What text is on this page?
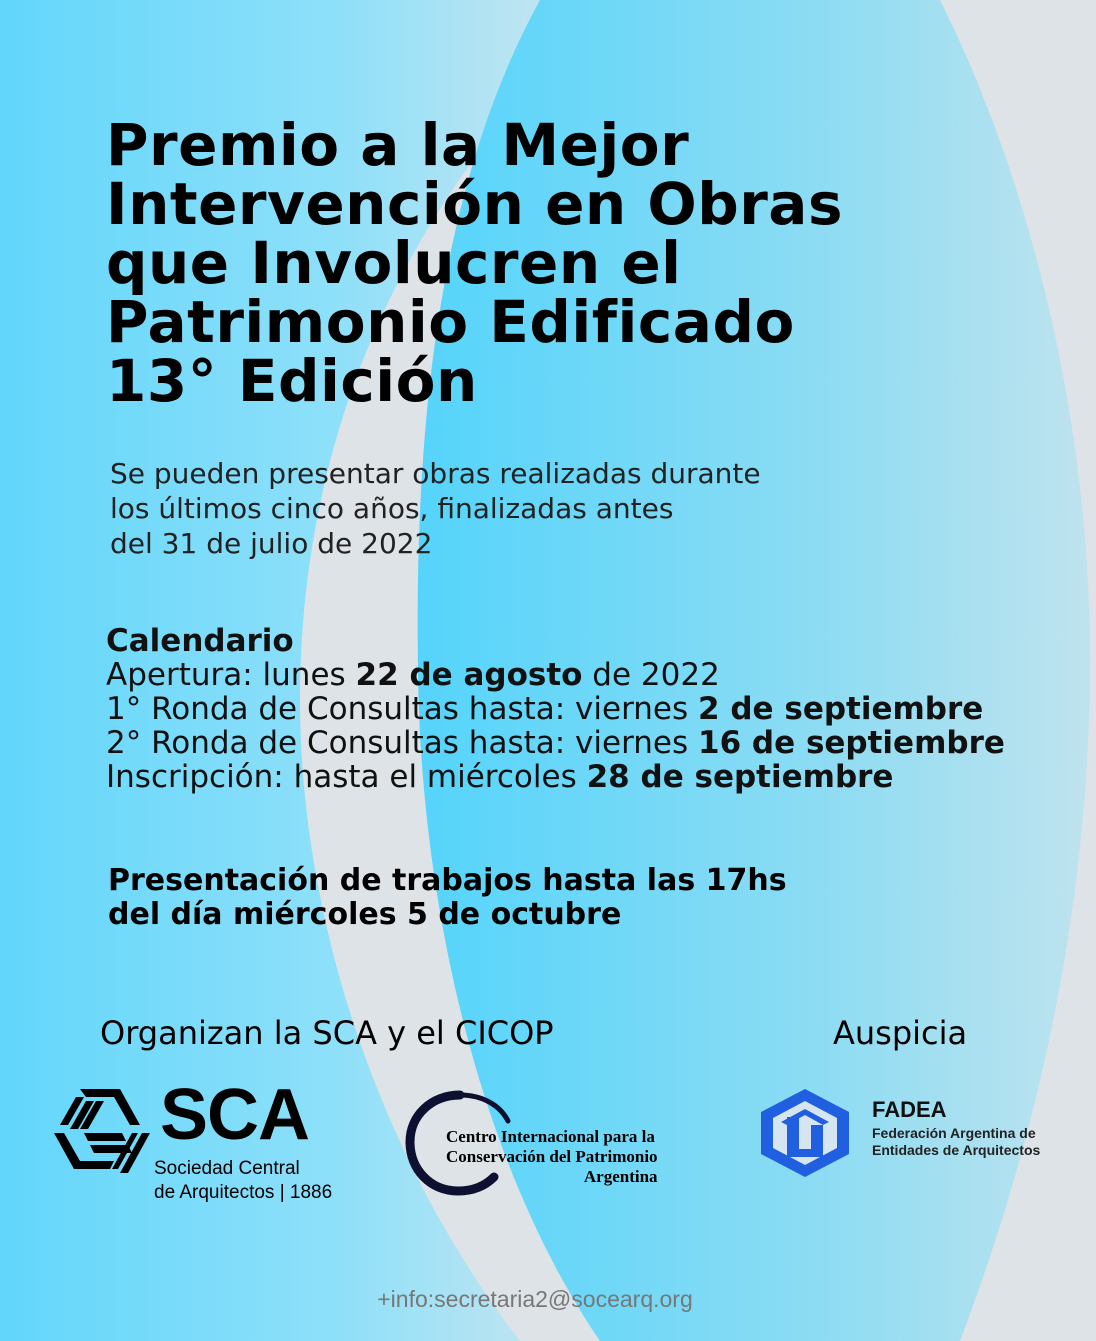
Premio a la Mejor
Intervención en Obras
que Involucren el
Patrimonio Edificado
13° Edición
Se pueden presentar obras realizadas durante
los últimos cinco años, finalizadas antes
del 31 de julio de 2022
Calendario
Apertura: lunes 22 de agosto de 2022
1° Ronda de Consultas hasta: viernes 2 de septiembre
2° Ronda de Consultas hasta: viernes 16 de septiembre
Inscripción: hasta el miércoles 28 de septiembre
Presentación de trabajos hasta las 17hs
del día miércoles 5 de octubre
Organizan la SCA y el CICOP	Auspicia
SCA
Sociedad Central
de Arquitectos | 1886
Centro Internacional para la
Conservación del Patrimonio
Argentina
FADEA
Federación Argentina de
Entidades de Arquitectos
+info:secretaria2@socearq.org
